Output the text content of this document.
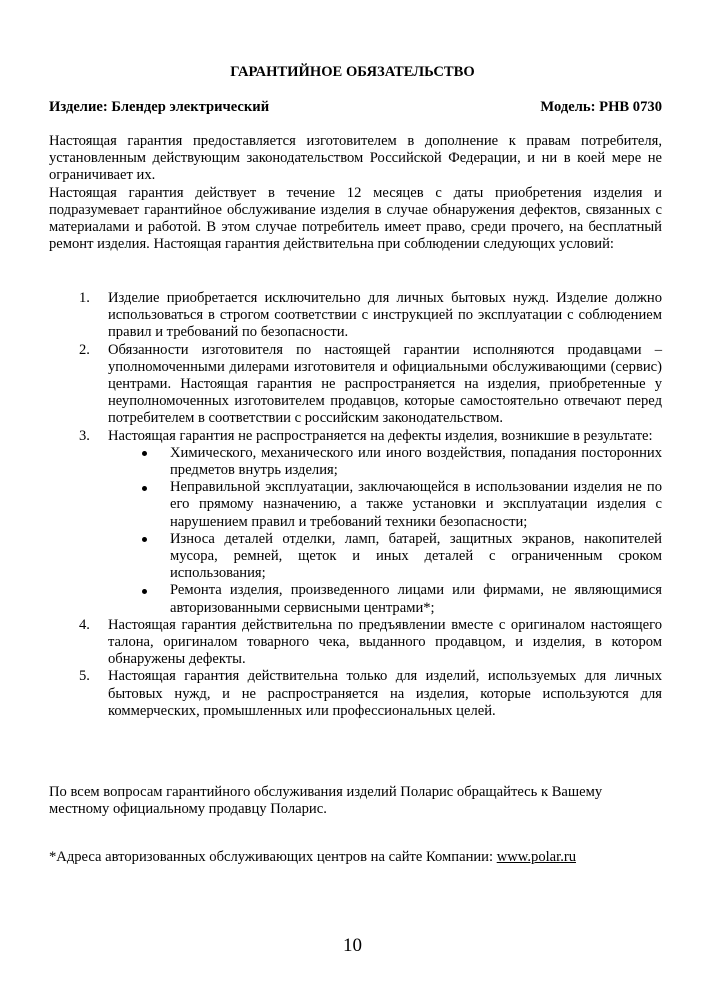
ГАРАНТИЙНОЕ ОБЯЗАТЕЛЬСТВО
Изделие: Блендер электрический	Модель: PHB 0730

Настоящая гарантия предоставляется изготовителем в дополнение к правам потребителя, установленным действующим законодательством Российской Федерации, и ни в коей мере не ограничивает их.

Настоящая гарантия действует в течение 12 месяцев с даты приобретения изделия и подразумевает гарантийное обслуживание изделия в случае обнаружения дефектов, связанных с материалами и работой. В этом случае потребитель имеет право, среди прочего, на бесплатный ремонт изделия. Настоящая гарантия действительна при соблюдении следующих условий:

1. Изделие приобретается исключительно для личных бытовых нужд. Изделие должно использоваться в строгом соответствии с инструкцией по эксплуатации с соблюдением правил и требований по безопасности.
2. Обязанности изготовителя по настоящей гарантии исполняются продавцами – уполномоченными дилерами изготовителя и официальными обслуживающими (сервис) центрами. Настоящая гарантия не распространяется на изделия, приобретенные у неуполномоченных изготовителем продавцов, которые самостоятельно отвечают перед потребителем в соответствии с российским законодательством.
3. Настоящая гарантия не распространяется на дефекты изделия, возникшие в результате:
Химического, механического или иного воздействия, попадания посторонних предметов внутрь изделия;
Неправильной эксплуатации, заключающейся в использовании изделия не по его прямому назначению, а также установки и эксплуатации изделия с нарушением правил и требований техники безопасности;
Износа деталей отделки, ламп, батарей, защитных экранов, накопителей мусора, ремней, щеток и иных деталей с ограниченным сроком использования;
Ремонта изделия, произведенного лицами или фирмами, не являющимися авторизованными сервисными центрами*;
4. Настоящая гарантия действительна по предъявлении вместе с оригиналом настоящего талона, оригиналом товарного чека, выданного продавцом, и изделия, в котором обнаружены дефекты.
5. Настоящая гарантия действительна только для изделий, используемых для личных бытовых нужд, и не распространяется на изделия, которые используются для коммерческих, промышленных или профессиональных целей.

По всем вопросам гарантийного обслуживания изделий Поларис обращайтесь к Вашему местному официальному продавцу Поларис.

*Адреса авторизованных обслуживающих центров на сайте Компании: www.polar.ru
10
